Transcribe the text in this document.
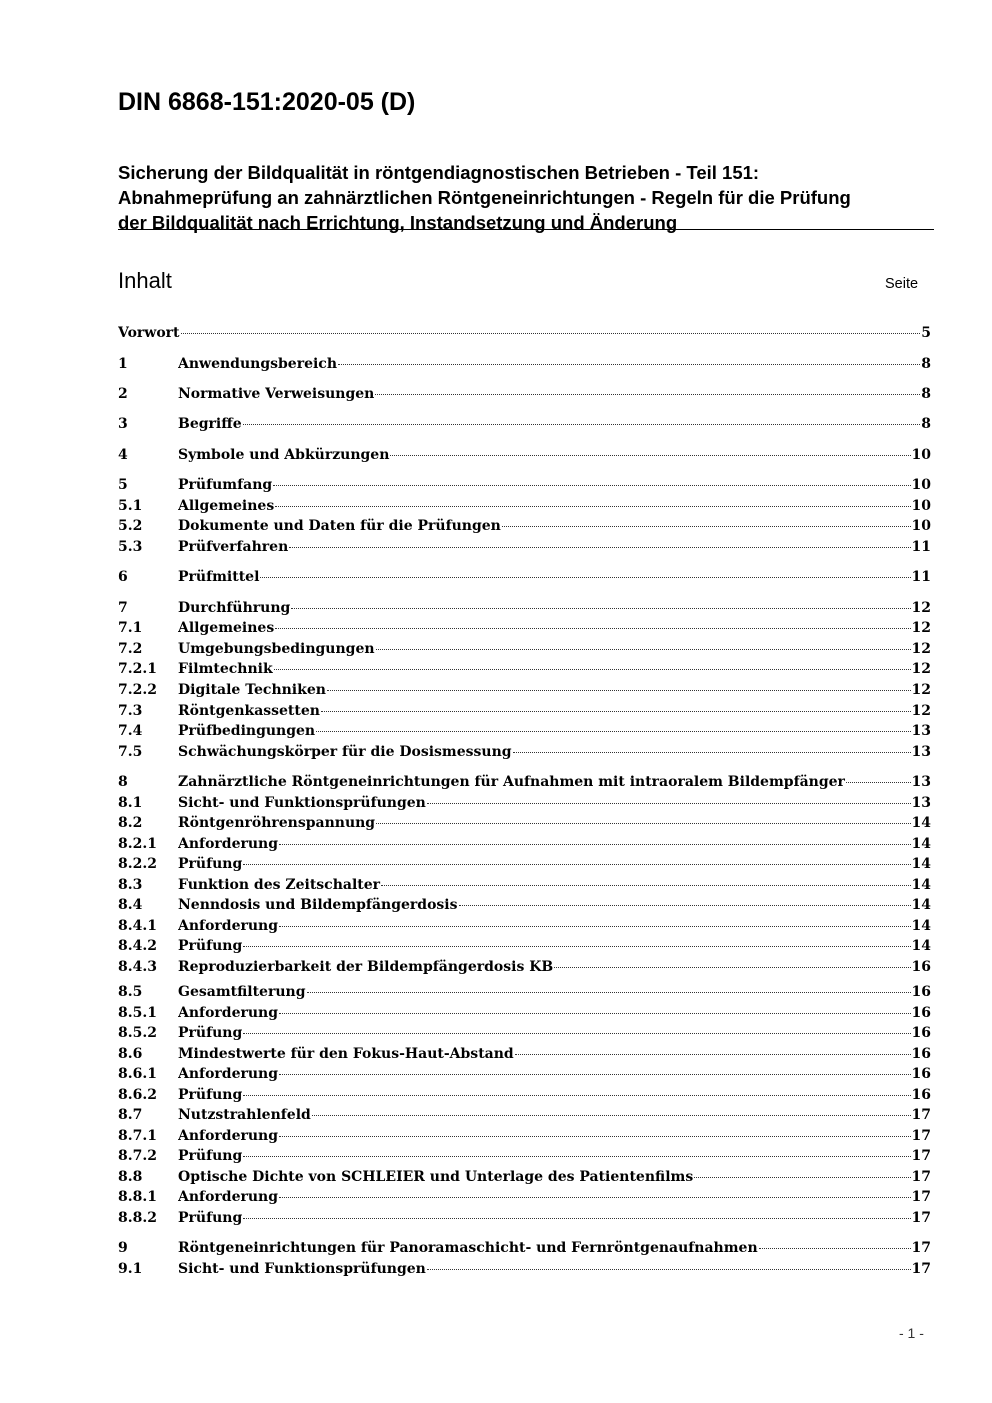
DIN 6868-151:2020-05 (D)
Sicherung der Bildqualität in röntgendiagnostischen Betrieben - Teil 151:
Abnahmeprüfung an zahnärztlichen Röntgeneinrichtungen - Regeln für die Prüfung
der Bildqualität nach Errichtung, Instandsetzung und Änderung
Inhalt	Seite
Vorwort	5
1	Anwendungsbereich	8
2	Normative Verweisungen	8
3	Begriffe	8
4	Symbole und Abkürzungen	10
5	Prüfumfang	10
5.1	Allgemeines	10
5.2	Dokumente und Daten für die Prüfungen	10
5.3	Prüfverfahren	11
6	Prüfmittel	11
7	Durchführung	12
7.1	Allgemeines	12
7.2	Umgebungsbedingungen	12
7.2.1	Filmtechnik	12
7.2.2	Digitale Techniken	12
7.3	Röntgenkassetten	12
7.4	Prüfbedingungen	13
7.5	Schwächungskörper für die Dosismessung	13
8	Zahnärztliche Röntgeneinrichtungen für Aufnahmen mit intraoralem Bildempfänger	13
8.1	Sicht- und Funktionsprüfungen	13
8.2	Röntgenröhrenspannung	14
8.2.1	Anforderung	14
8.2.2	Prüfung	14
8.3	Funktion des Zeitschalter	14
8.4	Nenndosis und Bildempfängerdosis	14
8.4.1	Anforderung	14
8.4.2	Prüfung	14
8.4.3	Reproduzierbarkeit der Bildempfängerdosis KB	16
8.5	Gesamtfilterung	16
8.5.1	Anforderung	16
8.5.2	Prüfung	16
8.6	Mindestwerte für den Fokus-Haut-Abstand	16
8.6.1	Anforderung	16
8.6.2	Prüfung	16
8.7	Nutzstrahlenfeld	17
8.7.1	Anforderung	17
8.7.2	Prüfung	17
8.8	Optische Dichte von SCHLEIER und Unterlage des Patientenfilms	17
8.8.1	Anforderung	17
8.8.2	Prüfung	17
9	Röntgeneinrichtungen für Panoramaschicht- und Fernröntgenaufnahmen	17
9.1	Sicht- und Funktionsprüfungen	17
- 1 -
